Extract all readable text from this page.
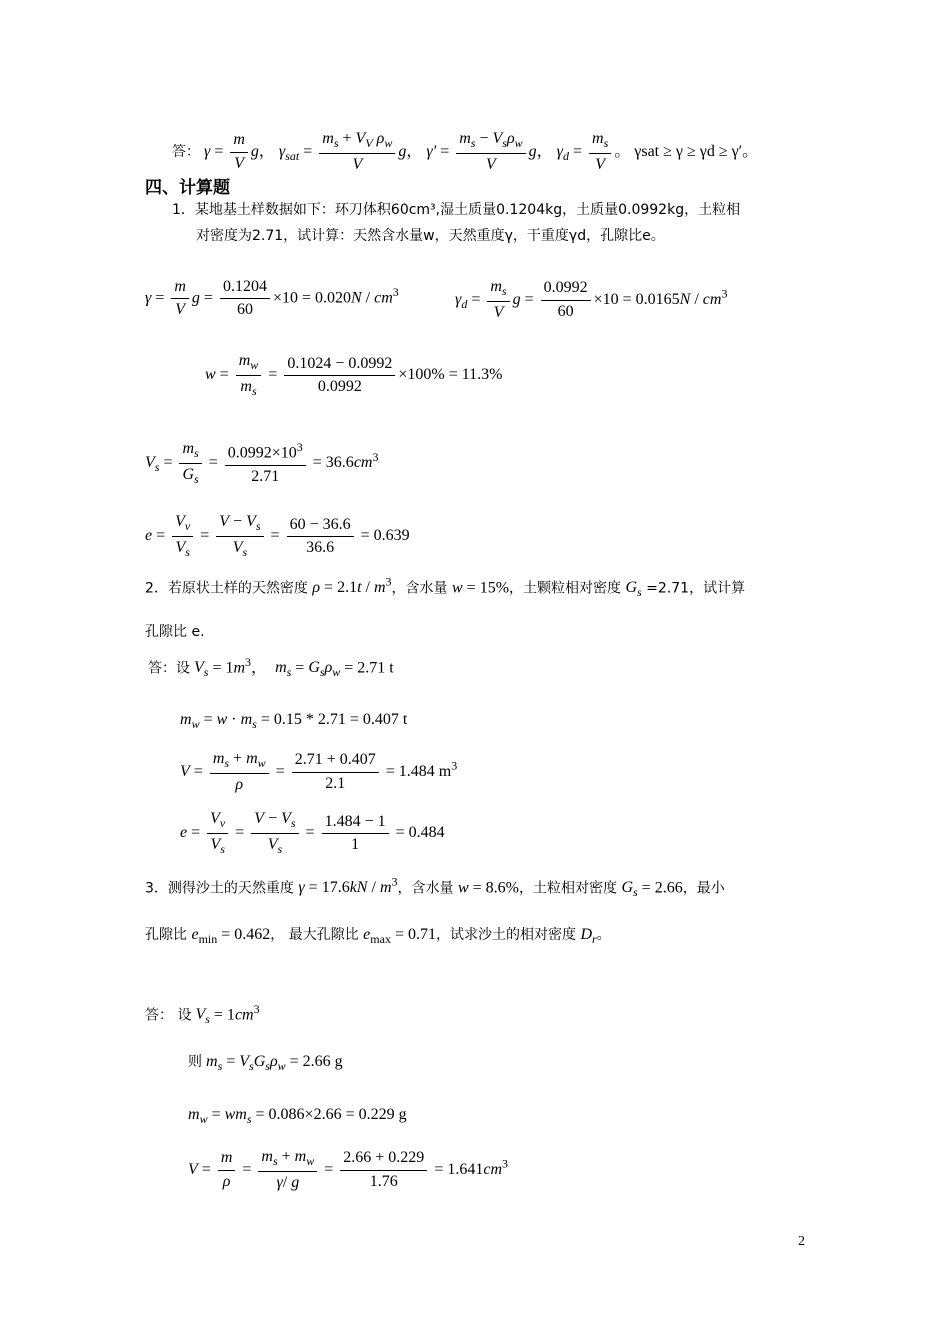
答： $\gamma = \frac{m}{V}$ g， $\gamma_{sat} = \frac{m_s + V_V \rho_w}{V}$ g， $\gamma' = \frac{m_s - V_s\rho_w}{V}$ g， $\gamma_d = \frac{m_s}{V}$ 。 γsat ≥ γ ≥ γd ≥ γ′。
四、计算题
1．某地基土样数据如下：环刀体积60cm³,湿土质量0.1204kg，土质量0.0992kg，土粒相
对密度为2.71，试计算：天然含水量w，天然重度γ，干重度γd，孔隙比e。
$\gamma = \frac{m}{V}$ $g = \frac{0.1204}{60} \times 10 = 0.020N / cm^3$	$\gamma_d = \frac{m_s}{V}$ $g = \frac{0.0992}{60} \times 10 = 0.0165N / cm^3$
$w = \frac{m_w}{m_s} = \frac{0.1024 - 0.0992}{0.0992} \times 100\% = 11.3\%$
$V_s = \frac{m_s}{G_s} = \frac{0.0992\times 10^3}{2.71} = 36.6cm^3$
$e = \frac{V_v}{V_s} = \frac{V - V_s}{V_s} = \frac{60 - 36.6}{36.6} = 0.639$
2．若原状土样的天然密度 $\rho = 2.1t / m^3$，含水量 w = 15%，土颗粒相对密度 $G_s =2.71$，试计算
孔隙比 e.
答：设 $V_s = 1m^3$，  $m_s = G_s\rho_w = 2.71$ t
$m_w = w \cdot m_s = 0.15 * 2.71 = 0.407$ t
$V = \frac{m_s + m_w}{\rho} = \frac{2.71 + 0.407}{2.1} = 1.484$ $m^3$
$e = \frac{V_v}{V_s} = \frac{V - V_s}{V_s} = \frac{1.484 - 1}{1} = 0.484$
3．测得沙土的天然重度 $\gamma = 17.6kN / m^3$，含水量 w = 8.6%，土粒相对密度 $G_s = 2.66$，最小
孔隙比 $e_{min} = 0.462$， 最大孔隙比 $e_{max} = 0.71$，试求沙土的相对密度 $D_r$。
答： 设 $V_s = 1cm^3$
则 $m_s = V_sG_s\rho_w = 2.66$ g
$m_w = wm_s = 0.086\times 2.66 = 0.229$ g
$V = \frac{m}{\rho} = \frac{m_s + m_w}{\gamma/ g} = \frac{2.66 + 0.229}{1.76} = 1.641cm^3$
2
